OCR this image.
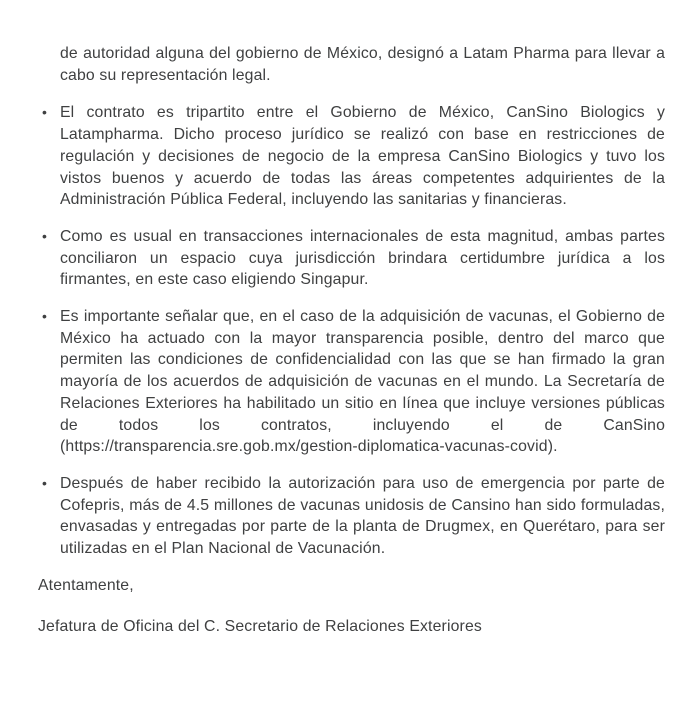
de autoridad alguna del gobierno de México, designó a Latam Pharma para llevar a cabo su representación legal.

• El contrato es tripartito entre el Gobierno de México, CanSino Biologics y Latampharma. Dicho proceso jurídico se realizó con base en restricciones de regulación y decisiones de negocio de la empresa CanSino Biologics y tuvo los vistos buenos y acuerdo de todas las áreas competentes adquirientes de la Administración Pública Federal, incluyendo las sanitarias y financieras.
• Como es usual en transacciones internacionales de esta magnitud, ambas partes conciliaron un espacio cuya jurisdicción brindara certidumbre jurídica a los firmantes, en este caso eligiendo Singapur.
• Es importante señalar que, en el caso de la adquisición de vacunas, el Gobierno de México ha actuado con la mayor transparencia posible, dentro del marco que permiten las condiciones de confidencialidad con las que se han firmado la gran mayoría de los acuerdos de adquisición de vacunas en el mundo. La Secretaría de Relaciones Exteriores ha habilitado un sitio en línea que incluye versiones públicas de todos los contratos, incluyendo el de CanSino (https://transparencia.sre.gob.mx/gestion-diplomatica-vacunas-covid).
• Después de haber recibido la autorización para uso de emergencia por parte de Cofepris, más de 4.5 millones de vacunas unidosis de Cansino han sido formuladas, envasadas y entregadas por parte de la planta de Drugmex, en Querétaro, para ser utilizadas en el Plan Nacional de Vacunación.

Atentamente,

Jefatura de Oficina del C. Secretario de Relaciones Exteriores
